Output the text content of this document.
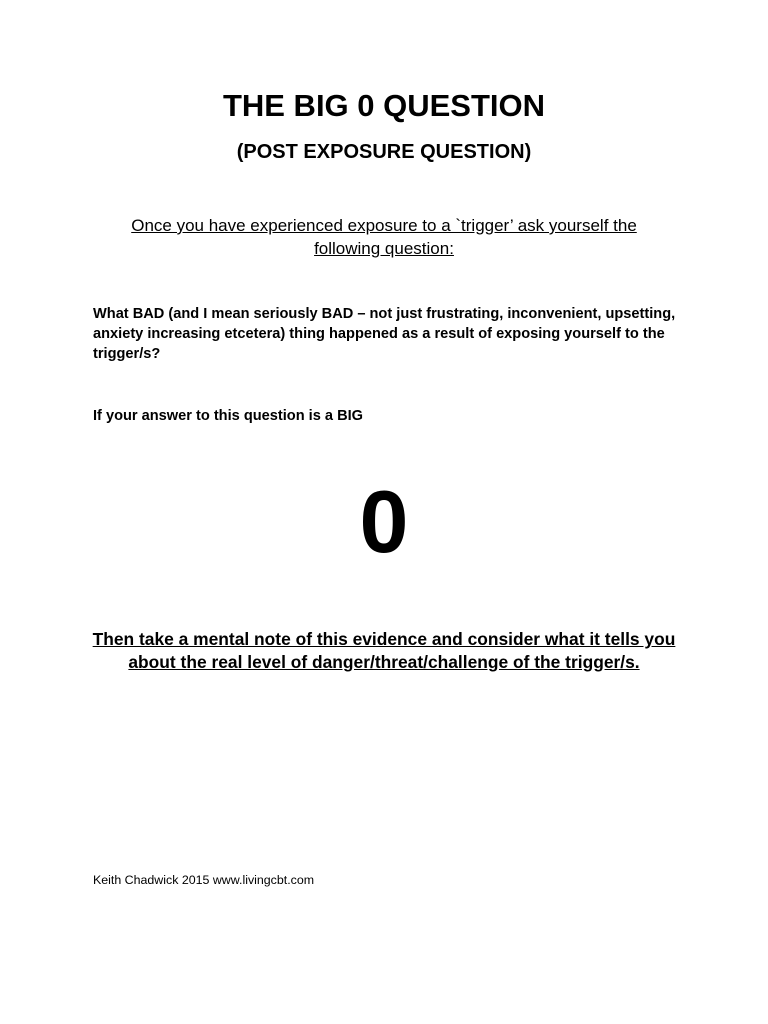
THE BIG 0 QUESTION
(POST EXPOSURE QUESTION)
Once you have experienced exposure to a `trigger’ ask yourself the following question:
What BAD (and I mean seriously BAD – not just frustrating, inconvenient, upsetting, anxiety increasing etcetera) thing happened as a result of exposing yourself to the trigger/s?
If your answer to this question is a BIG
0
Then take a mental note of this evidence and consider what it tells you about the real level of danger/threat/challenge of the trigger/s.
Keith Chadwick 2015 www.livingcbt.com
